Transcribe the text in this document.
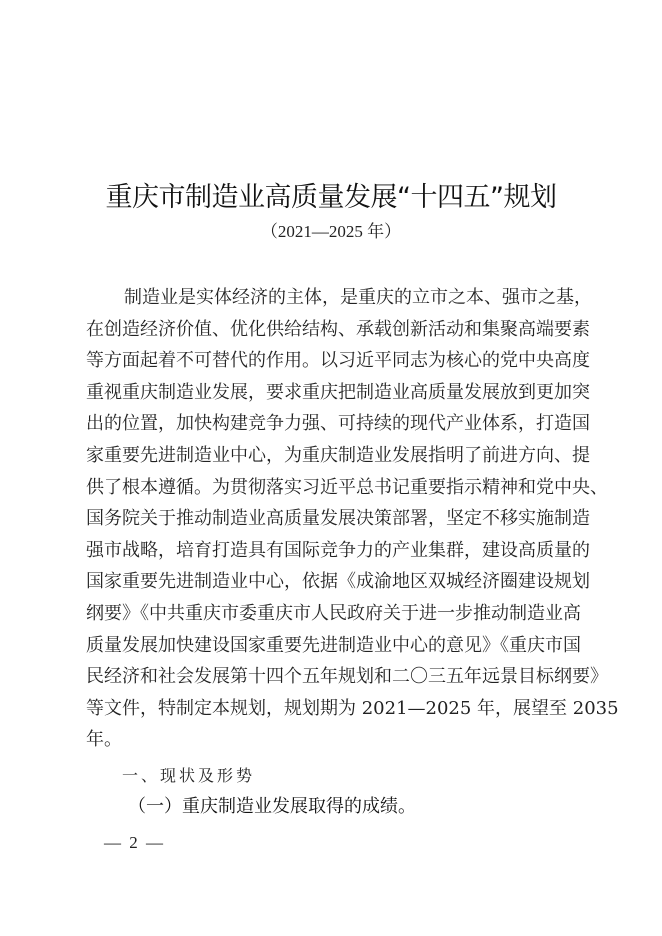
重庆市制造业高质量发展“十四五”规划
（2021—2025 年）
制造业是实体经济的主体，是重庆的立市之本、强市之基，
在创造经济价值、优化供给结构、承载创新活动和集聚高端要素
等方面起着不可替代的作用。以习近平同志为核心的党中央高度
重视重庆制造业发展，要求重庆把制造业高质量发展放到更加突
出的位置，加快构建竞争力强、可持续的现代产业体系，打造国
家重要先进制造业中心，为重庆制造业发展指明了前进方向、提
供了根本遵循。为贯彻落实习近平总书记重要指示精神和党中央、
国务院关于推动制造业高质量发展决策部署，坚定不移实施制造
强市战略，培育打造具有国际竞争力的产业集群，建设高质量的
国家重要先进制造业中心，依据《成渝地区双城经济圈建设规划
纲要》《中共重庆市委重庆市人民政府关于进一步推动制造业高
质量发展加快建设国家重要先进制造业中心的意见》《重庆市国
民经济和社会发展第十四个五年规划和二〇三五年远景目标纲要》
等文件，特制定本规划，规划期为 2021—2025 年，展望至 2035
年。
一、现状及形势
（一）重庆制造业发展取得的成绩。
— 2 —
